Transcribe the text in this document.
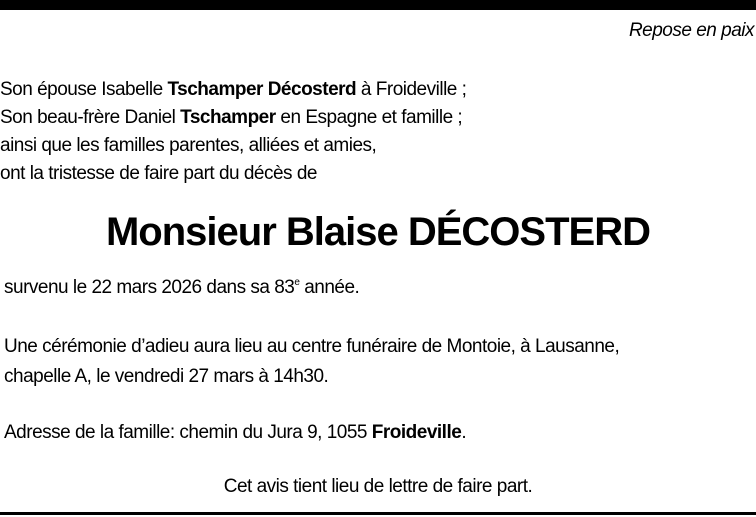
Repose en paix
Son épouse Isabelle Tschamper Décosterd à Froideville ;
Son beau-frère Daniel Tschamper en Espagne et famille ;
ainsi que les familles parentes, alliées et amies,
ont la tristesse de faire part du décès de
Monsieur Blaise DÉCOSTERD
survenu le 22 mars 2026 dans sa 83e année.
Une cérémonie d’adieu aura lieu au centre funéraire de Montoie, à Lausanne,
chapelle A, le vendredi 27 mars à 14h30.
Adresse de la famille: chemin du Jura 9, 1055 Froideville.
Cet avis tient lieu de lettre de faire part.
